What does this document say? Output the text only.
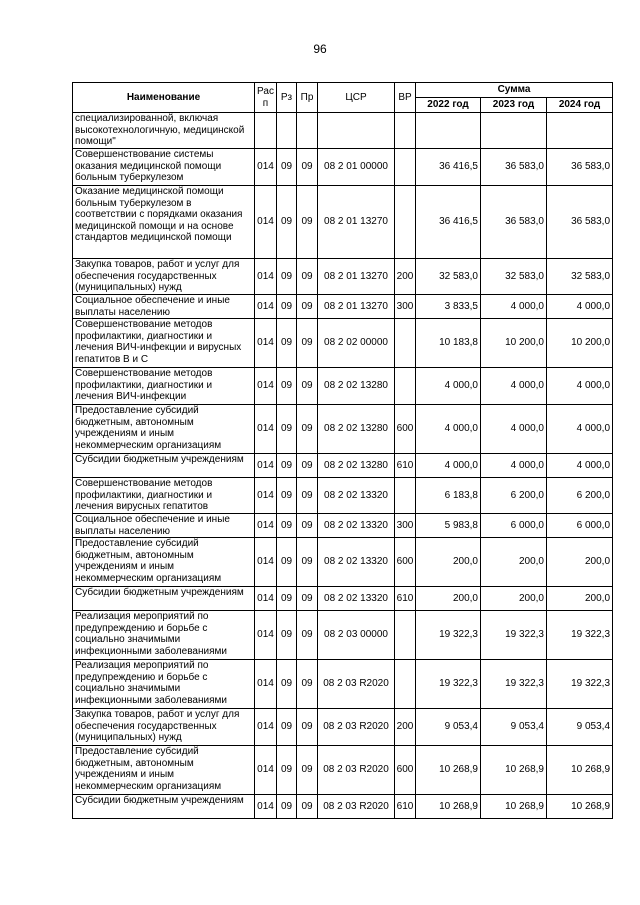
96
Наименование	Рас п	Рз	Пр	ЦСР	ВР	Сумма		
						2022 год	2023 год	2024 год
специализированной, включая высокотехнологичную, медицинской помощи"								
Совершенствование системы оказания медицинской помощи больным туберкулезом	014	09	09	08 2 01 00000		36 416,5	36 583,0	36 583,0
Оказание медицинской помощи больным туберкулезом в соответствии с порядками оказания медицинской помощи и на основе стандартов медицинской помощи	014	09	09	08 2 01 13270		36 416,5	36 583,0	36 583,0
Закупка товаров, работ и услуг для обеспечения государственных (муниципальных) нужд	014	09	09	08 2 01 13270	200	32 583,0	32 583,0	32 583,0
Социальное обеспечение и иные выплаты населению	014	09	09	08 2 01 13270	300	3 833,5	4 000,0	4 000,0
Совершенствование методов профилактики, диагностики и лечения ВИЧ-инфекции и вирусных гепатитов В и С	014	09	09	08 2 02 00000		10 183,8	10 200,0	10 200,0
Совершенствование методов профилактики, диагностики и лечения ВИЧ-инфекции	014	09	09	08 2 02 13280		4 000,0	4 000,0	4 000,0
Предоставление субсидий бюджетным, автономным учреждениям и иным некоммерческим организациям	014	09	09	08 2 02 13280	600	4 000,0	4 000,0	4 000,0
Субсидии бюджетным учреждениям	014	09	09	08 2 02 13280	610	4 000,0	4 000,0	4 000,0
Совершенствование методов профилактики, диагностики и лечения вирусных гепатитов	014	09	09	08 2 02 13320		6 183,8	6 200,0	6 200,0
Социальное обеспечение и иные выплаты населению	014	09	09	08 2 02 13320	300	5 983,8	6 000,0	6 000,0
Предоставление субсидий бюджетным, автономным учреждениям и иным некоммерческим организациям	014	09	09	08 2 02 13320	600	200,0	200,0	200,0
Субсидии бюджетным учреждениям	014	09	09	08 2 02 13320	610	200,0	200,0	200,0
Реализация мероприятий по предупреждению и борьбе с социально значимыми инфекционными заболеваниями	014	09	09	08 2 03 00000		19 322,3	19 322,3	19 322,3
Реализация мероприятий по предупреждению и борьбе с социально значимыми инфекционными заболеваниями	014	09	09	08 2 03 R2020		19 322,3	19 322,3	19 322,3
Закупка товаров, работ и услуг для обеспечения государственных (муниципальных) нужд	014	09	09	08 2 03 R2020	200	9 053,4	9 053,4	9 053,4
Предоставление субсидий бюджетным, автономным учреждениям и иным некоммерческим организациям	014	09	09	08 2 03 R2020	600	10 268,9	10 268,9	10 268,9
Субсидии бюджетным учреждениям	014	09	09	08 2 03 R2020	610	10 268,9	10 268,9	10 268,9
